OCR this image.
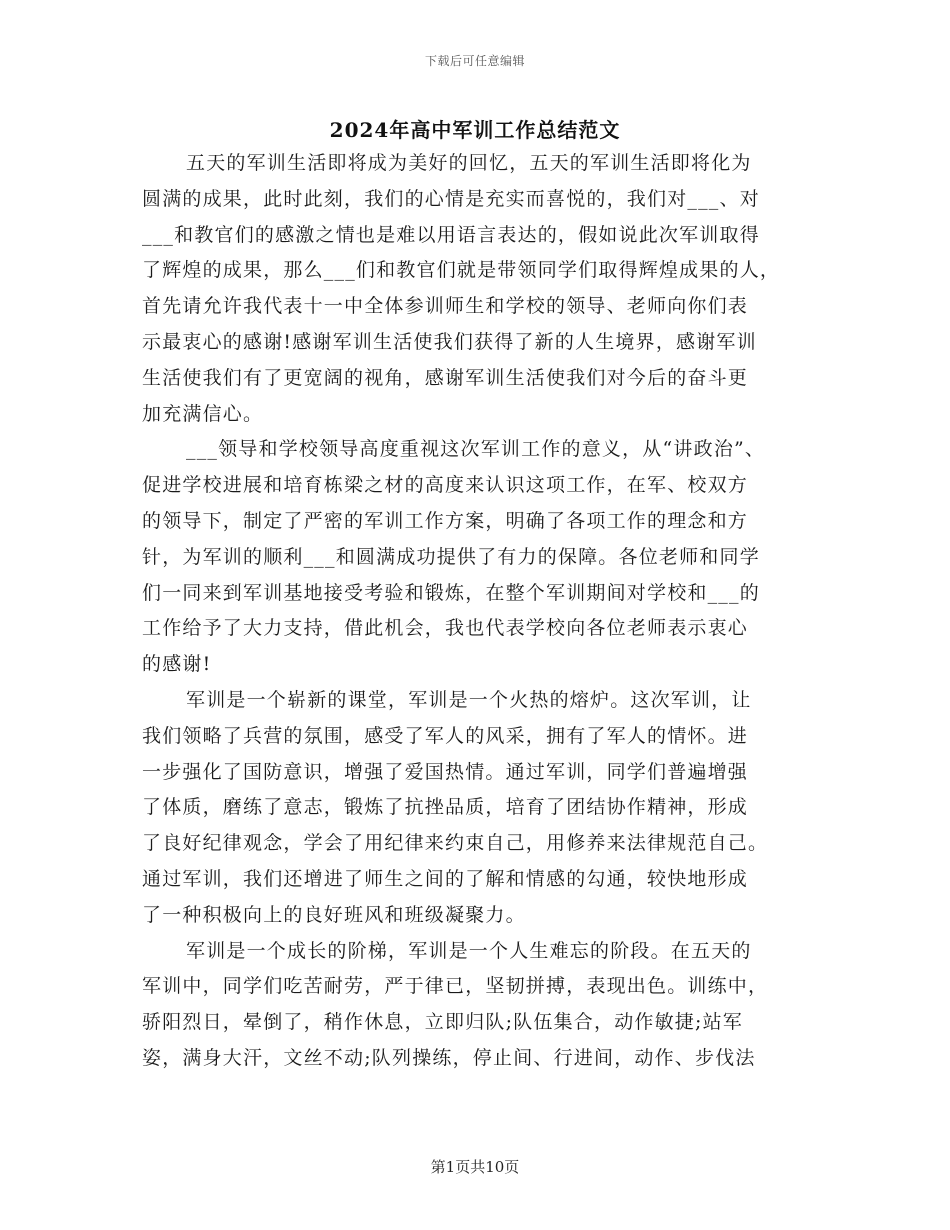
下载后可任意编辑
2024年高中军训工作总结范文
五天的军训生活即将成为美好的回忆，五天的军训生活即将化为
圆满的成果，此时此刻，我们的心情是充实而喜悦的，我们对___、对
___和教官们的感激之情也是难以用语言表达的，假如说此次军训取得
了辉煌的成果，那么___们和教官们就是带领同学们取得辉煌成果的人，
首先请允许我代表十一中全体参训师生和学校的领导、老师向你们表
示最衷心的感谢!感谢军训生活使我们获得了新的人生境界，感谢军训
生活使我们有了更宽阔的视角，感谢军训生活使我们对今后的奋斗更
加充满信心。
___领导和学校领导高度重视这次军训工作的意义，从“讲政治”、
促进学校进展和培育栋梁之材的高度来认识这项工作，在军、校双方
的领导下，制定了严密的军训工作方案，明确了各项工作的理念和方
针，为军训的顺利___和圆满成功提供了有力的保障。各位老师和同学
们一同来到军训基地接受考验和锻炼，在整个军训期间对学校和___的
工作给予了大力支持，借此机会，我也代表学校向各位老师表示衷心
的感谢!
军训是一个崭新的课堂，军训是一个火热的熔炉。这次军训，让
我们领略了兵营的氛围，感受了军人的风采，拥有了军人的情怀。进
一步强化了国防意识，增强了爱国热情。通过军训，同学们普遍增强
了体质，磨练了意志，锻炼了抗挫品质，培育了团结协作精神，形成
了良好纪律观念，学会了用纪律来约束自己，用修养来法律规范自己。
通过军训，我们还增进了师生之间的了解和情感的勾通，较快地形成
了一种积极向上的良好班风和班级凝聚力。
军训是一个成长的阶梯，军训是一个人生难忘的阶段。在五天的
军训中，同学们吃苦耐劳，严于律已，坚韧拼搏，表现出色。训练中，
骄阳烈日，晕倒了，稍作休息，立即归队;队伍集合，动作敏捷;站军
姿，满身大汗，文丝不动;队列操练，停止间、行进间，动作、步伐法
第1页共10页
